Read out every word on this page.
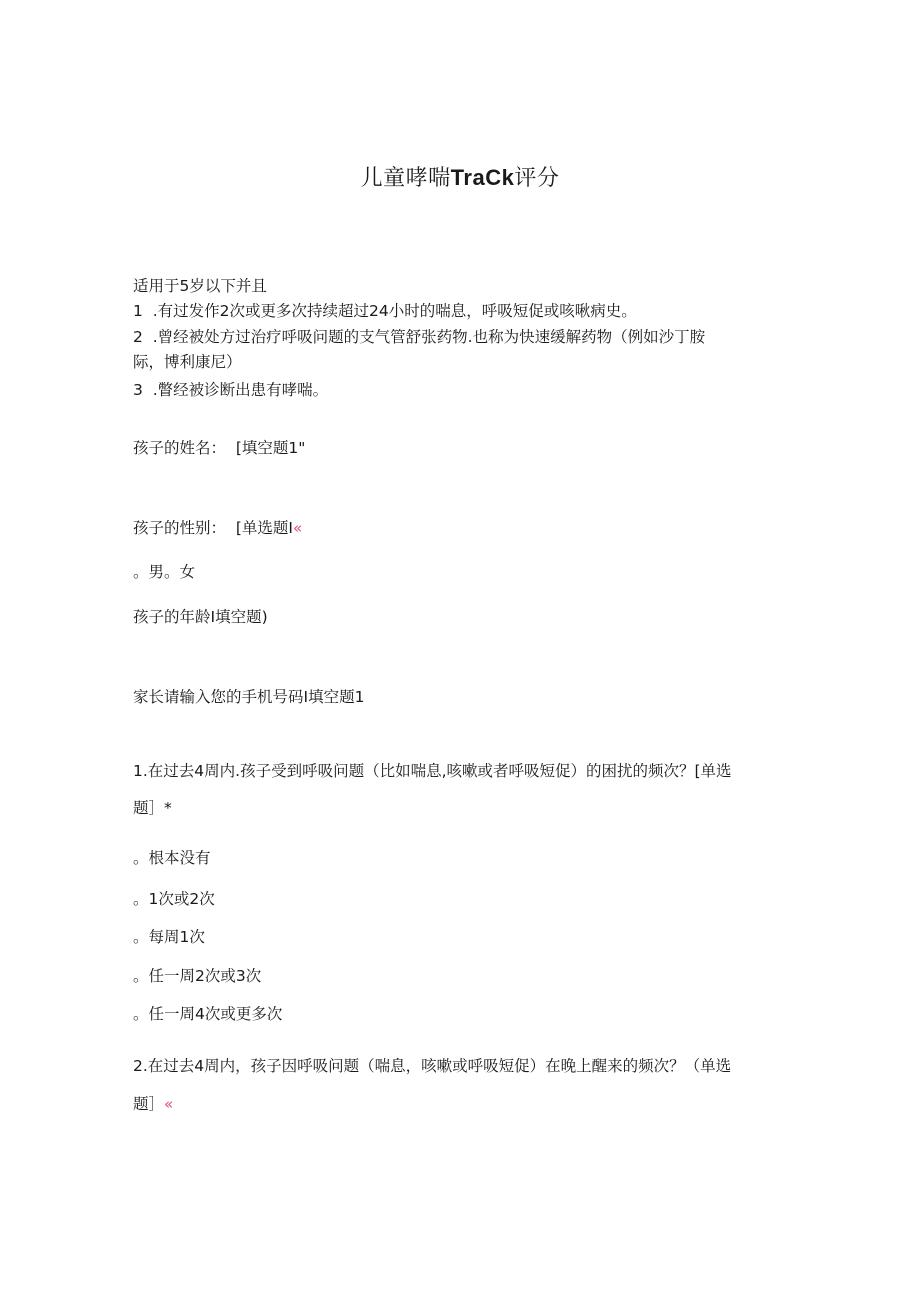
儿童哮喘TraCk评分
适用于5岁以下并且
1  .有过发作2次或更多次持续超过24小时的喘息，呼吸短促或咳啾病史。
2  .曾经被处方过治疗呼吸问题的支气管舒张药物.也称为快速缓解药物（例如沙丁胺
际，博利康尼）
3  .瞥经被诊断出患有哮喘。
孩子的姓名：  [填空题1"
孩子的性别：  [单选题I«
。男。女
孩子的年龄I填空题)
家长请输入您的手机号码I填空题1
1.在过去4周内.孩子受到呼吸问题（比如喘息,咳嗽或者呼吸短促）的困扰的频次？[单选
题］*
。根本没有
。1次或2次
。每周1次
。任一周2次或3次
。任一周4次或更多次
2.在过去4周内，孩子因呼吸问题（喘息，咳嗽或呼吸短促）在晚上醒来的频次？（单选
题］«
